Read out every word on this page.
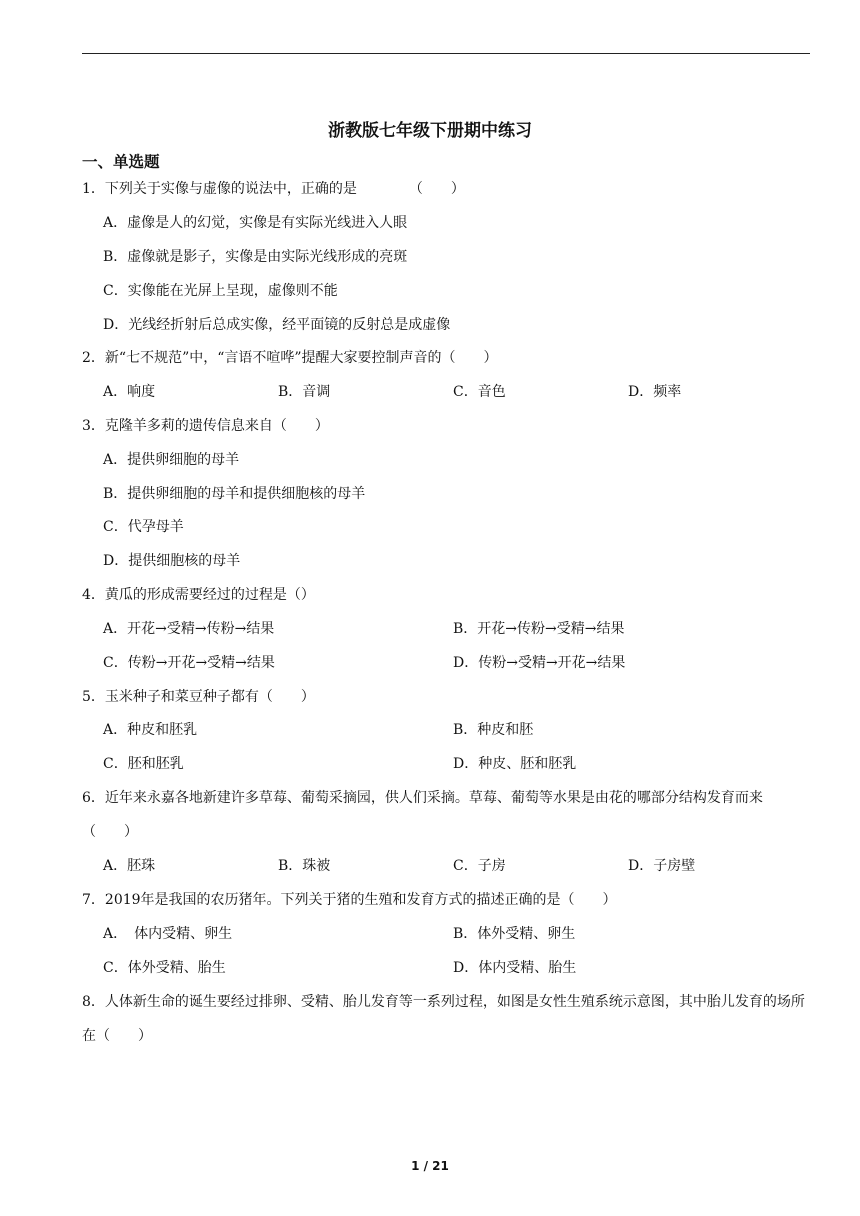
浙教版七年级下册期中练习
一、单选题
1．下列关于实像与虚像的说法中，正确的是	（　　）
A．虚像是人的幻觉，实像是有实际光线进入人眼
B．虚像就是影子，实像是由实际光线形成的亮斑
C．实像能在光屏上呈现，虚像则不能
D．光线经折射后总成实像，经平面镜的反射总是成虚像
2．新“七不规范”中，“言语不喧哗”提醒大家要控制声音的（　　）
A．响度	B．音调	C．音色	D．频率
3．克隆羊多莉的遗传信息来自（　　）
A．提供卵细胞的母羊
B．提供卵细胞的母羊和提供细胞核的母羊
C．代孕母羊
D．提供细胞核的母羊
4．黄瓜的形成需要经过的过程是（）
A．开花→受精→传粉→结果	B．开花→传粉→受精→结果
C．传粉→开花→受精→结果	D．传粉→受精→开花→结果
5．玉米种子和菜豆种子都有（　　）
A．种皮和胚乳	B．种皮和胚
C．胚和胚乳	D．种皮、胚和胚乳
6．近年来永嘉各地新建许多草莓、葡萄采摘园，供人们采摘。草莓、葡萄等水果是由花的哪部分结构发育而来（　　）
A．胚珠	B．珠被	C．子房	D．子房壁
7．2019年是我国的农历猪年。下列关于猪的生殖和发育方式的描述正确的是（　　）
A．　体内受精、卵生	B．体外受精、卵生
C．体外受精、胎生	D．体内受精、胎生
8．人体新生命的诞生要经过排卵、受精、胎儿发育等一系列过程，如图是女性生殖系统示意图，其中胎儿发育的场所在（　　）
1 / 21
